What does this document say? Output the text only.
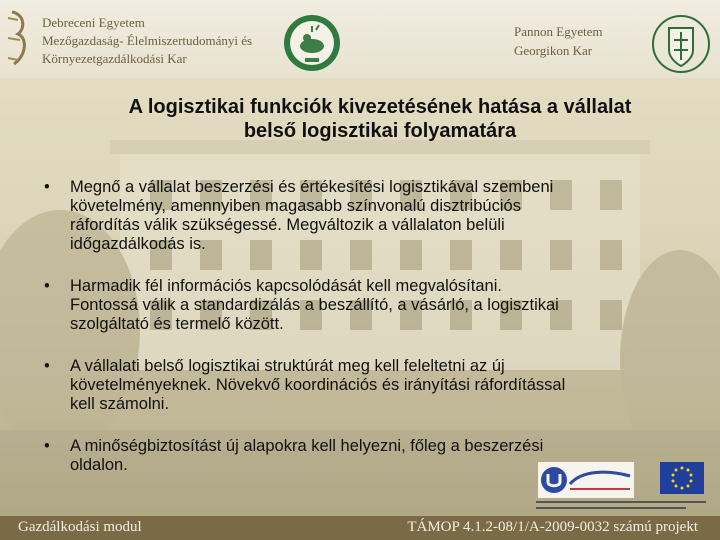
Debreceni Egyetem
Mezőgazdaság- Élelmiszertudományi és
Környezetgazdálkodási Kar
Pannon Egyetem
Georgikon Kar
A logisztikai funkciók kivezetésének hatása a vállalat
belső logisztikai folyamatára
• Megnő a vállalat beszerzési és értékesítési logisztikával szembeni
követelmény, amennyiben magasabb színvonalú disztribúciós
ráfordítás válik szükségessé. Megváltozik a vállalaton belüli
időgazdálkodás is.
• Harmadik fél információs kapcsolódását kell megvalósítani.
Fontossá válik a standardizálás a beszállító, a vásárló, a logisztikai
szolgáltató és termelő között.
• A vállalati belső logisztikai struktúrát meg kell feleltetni az új
követelményeknek. Növekvő koordinációs és irányítási ráfordítással
kell számolni.
• A minőségbiztosítást új alapokra kell helyezni, főleg a beszerzési
oldalon.
Gazdálkodási modul	TÁMOP 4.1.2-08/1/A-2009-0032 számú projekt
